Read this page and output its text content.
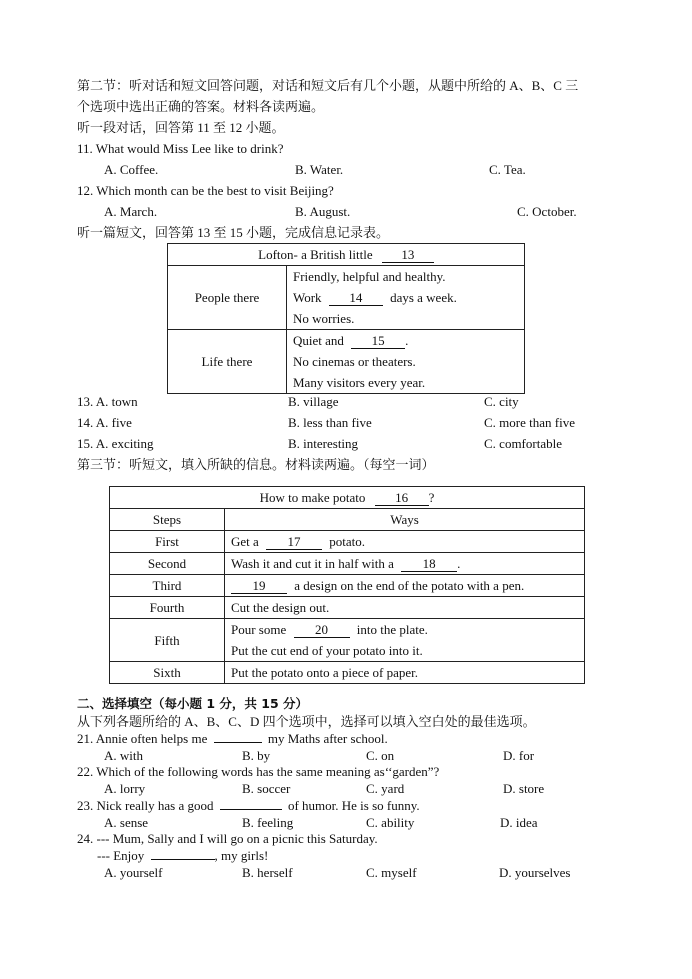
第二节：听对话和短文回答问题，对话和短文后有几个小题，从题中所给的 A、B、C 三
个选项中选出正确的答案。材料各读两遍。
听一段对话，回答第 11 至 12 小题。
11. What would Miss Lee like to drink?
A. Coffee.	B. Water.	C. Tea.
12. Which month can be the best to visit Beijing?
A. March.	B. August.	C. October.
听一篇短文，回答第 13 至 15 小题，完成信息记录表。
Lofton- a British little 13	
People there	Friendly, helpful and healthy.
Work 14 days a week.
No worries.

Life there	Quiet and 15 .
No cinemas or theaters.
Many visitors every year.
13. A. town	B. village	C. city
14. A. five	B. less than five	C. more than five
15. A. exciting	B. interesting	C. comfortable
第三节：听短文，填入所缺的信息。材料读两遍。（每空一词）
How to make potato 16 ?	
Steps	Ways
First	Get a 17 potato.
Second	Wash it and cut it in half with a 18 .
Third	19 a design on the end of the potato with a pen.
Fourth	Cut the design out.
Fifth	Pour some 20 into the plate.
Put the cut end of your potato into it.

Sixth	Put the potato onto a piece of paper.
二、选择填空（每小题 1 分，共 15 分）
从下列各题所给的 A、B、C、D 四个选项中，选择可以填入空白处的最佳选项。
21. Annie often helps me	my Maths after school.
A. with	B. by	C. on	D. for
22. Which of the following words has the same meaning as‘‘garden”?
A. lorry	B. soccer	C. yard	D. store
23. Nick really has a good	of humor. He is so funny.
A. sense	B. feeling	C. ability	D. idea
24. --- Mum, Sally and I will go on a picnic this Saturday.
--- Enjoy	, my girls!
A. yourself	B. herself	C. myself	D. yourselves
